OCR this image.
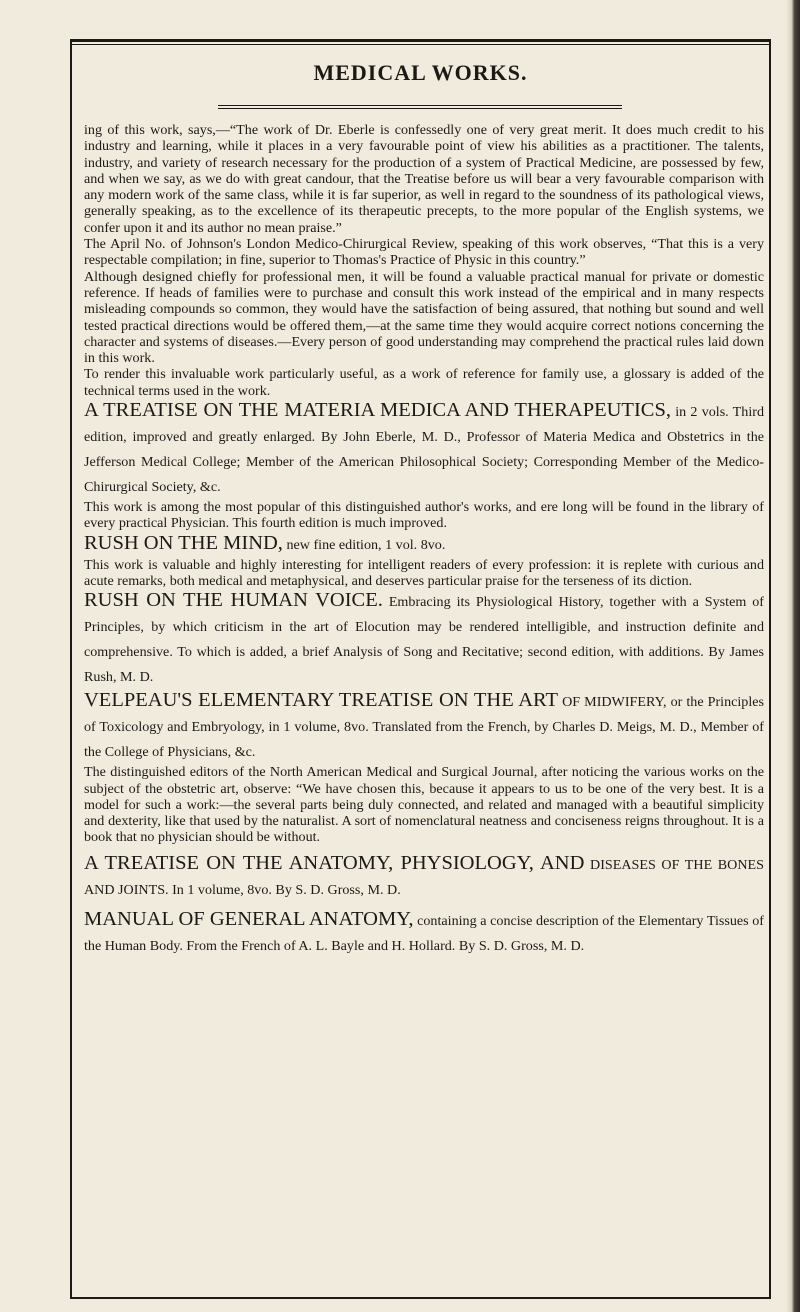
MEDICAL WORKS.

ing of this work, says,—“The work of Dr. Eberle is confessedly one of very great merit. It does much credit to his industry and learning, while it places in a very favourable point of view his abilities as a practitioner. The talents, industry, and variety of research necessary for the production of a system of Practical Medicine, are possessed by few, and when we say, as we do with great candour, that the Treatise before us will bear a very favourable comparison with any modern work of the same class, while it is far superior, as well in regard to the soundness of its pathological views, generally speaking, as to the excellence of its therapeutic precepts, to the more popular of the English systems, we confer upon it and its author no mean praise.”

The April No. of Johnson's London Medico-Chirurgical Review, speaking of this work observes, “That this is a very respectable compilation; in fine, superior to Thomas's Practice of Physic in this country.”

Although designed chiefly for professional men, it will be found a valuable practical manual for private or domestic reference. If heads of families were to purchase and consult this work instead of the empirical and in many respects misleading compounds so common, they would have the satisfaction of being assured, that nothing but sound and well tested practical directions would be offered them,—at the same time they would acquire correct notions concerning the character and systems of diseases.—Every person of good understanding may comprehend the practical rules laid down in this work.

To render this invaluable work particularly useful, as a work of reference for family use, a glossary is added of the technical terms used in the work.

A TREATISE ON THE MATERIA MEDICA AND THERAPEUTICS, in 2 vols. Third edition, improved and greatly enlarged. By John Eberle, M. D., Professor of Materia Medica and Obstetrics in the Jefferson Medical College; Member of the American Philosophical Society; Corresponding Member of the Medico-Chirurgical Society, &c.

This work is among the most popular of this distinguished author's works, and ere long will be found in the library of every practical Physician. This fourth edition is much improved.

RUSH ON THE MIND, new fine edition, 1 vol. 8vo.

This work is valuable and highly interesting for intelligent readers of every profession: it is replete with curious and acute remarks, both medical and metaphysical, and deserves particular praise for the terseness of its diction.

RUSH ON THE HUMAN VOICE. Embracing its Physiological History, together with a System of Principles, by which criticism in the art of Elocution may be rendered intelligible, and instruction definite and comprehensive. To which is added, a brief Analysis of Song and Recitative; second edition, with additions. By James Rush, M. D.

VELPEAU'S ELEMENTARY TREATISE ON THE ART OF MIDWIFERY, or the Principles of Toxicology and Embryology, in 1 volume, 8vo. Translated from the French, by Charles D. Meigs, M. D., Member of the College of Physicians, &c.

The distinguished editors of the North American Medical and Surgical Journal, after noticing the various works on the subject of the obstetric art, observe: “We have chosen this, because it appears to us to be one of the very best. It is a model for such a work:—the several parts being duly connected, and related and managed with a beautiful simplicity and dexterity, like that used by the naturalist. A sort of nomenclatural neatness and conciseness reigns throughout. It is a book that no physician should be without.

A TREATISE ON THE ANATOMY, PHYSIOLOGY, AND DISEASES OF THE BONES AND JOINTS. In 1 volume, 8vo. By S. D. Gross, M. D.

MANUAL OF GENERAL ANATOMY, containing a concise description of the Elementary Tissues of the Human Body. From the French of A. L. Bayle and H. Hollard. By S. D. Gross, M. D.
